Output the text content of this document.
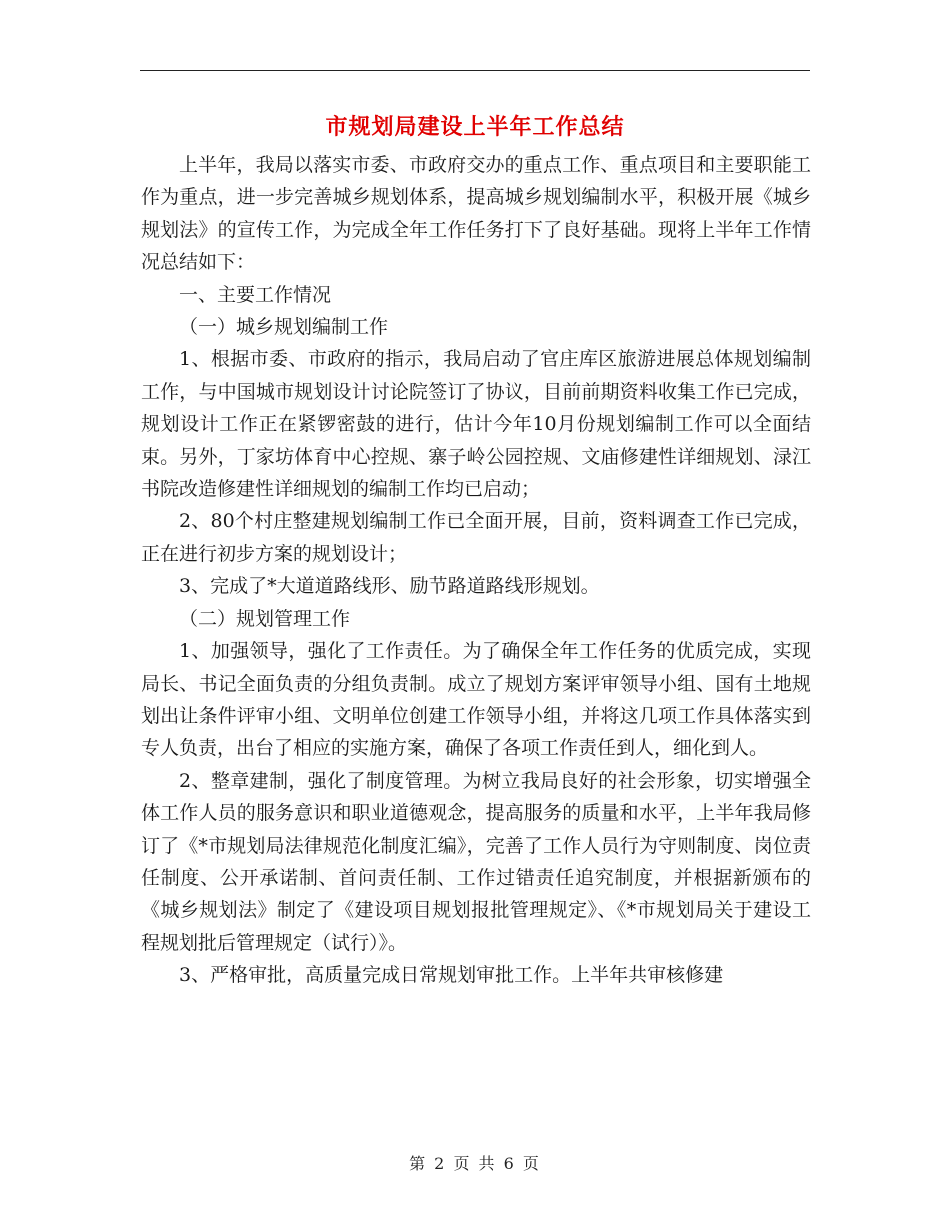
市规划局建设上半年工作总结

上半年，我局以落实市委、市政府交办的重点工作、重点项目和主要职能工作为重点，进一步完善城乡规划体系，提高城乡规划编制水平，积极开展《城乡规划法》的宣传工作，为完成全年工作任务打下了良好基础。现将上半年工作情况总结如下：

一、主要工作情况

（一）城乡规划编制工作

1、根据市委、市政府的指示，我局启动了官庄库区旅游进展总体规划编制工作，与中国城市规划设计讨论院签订了协议，目前前期资料收集工作已完成，规划设计工作正在紧锣密鼓的进行，估计今年10月份规划编制工作可以全面结束。另外，丁家坊体育中心控规、寨子岭公园控规、文庙修建性详细规划、渌江书院改造修建性详细规划的编制工作均已启动；

2、80个村庄整建规划编制工作已全面开展，目前，资料调查工作已完成，正在进行初步方案的规划设计；

3、完成了*大道道路线形、励节路道路线形规划。

（二）规划管理工作

1、加强领导，强化了工作责任。为了确保全年工作任务的优质完成，实现局长、书记全面负责的分组负责制。成立了规划方案评审领导小组、国有土地规划出让条件评审小组、文明单位创建工作领导小组，并将这几项工作具体落实到专人负责，出台了相应的实施方案，确保了各项工作责任到人，细化到人。

2、整章建制，强化了制度管理。为树立我局良好的社会形象，切实增强全体工作人员的服务意识和职业道德观念，提高服务的质量和水平，上半年我局修订了《*市规划局法律规范化制度汇编》，完善了工作人员行为守则制度、岗位责任制度、公开承诺制、首问责任制、工作过错责任追究制度，并根据新颁布的《城乡规划法》制定了《建设项目规划报批管理规定》、《*市规划局关于建设工程规划批后管理规定（试行）》。

3、严格审批，高质量完成日常规划审批工作。上半年共审核修建

第 2 页 共 6 页
